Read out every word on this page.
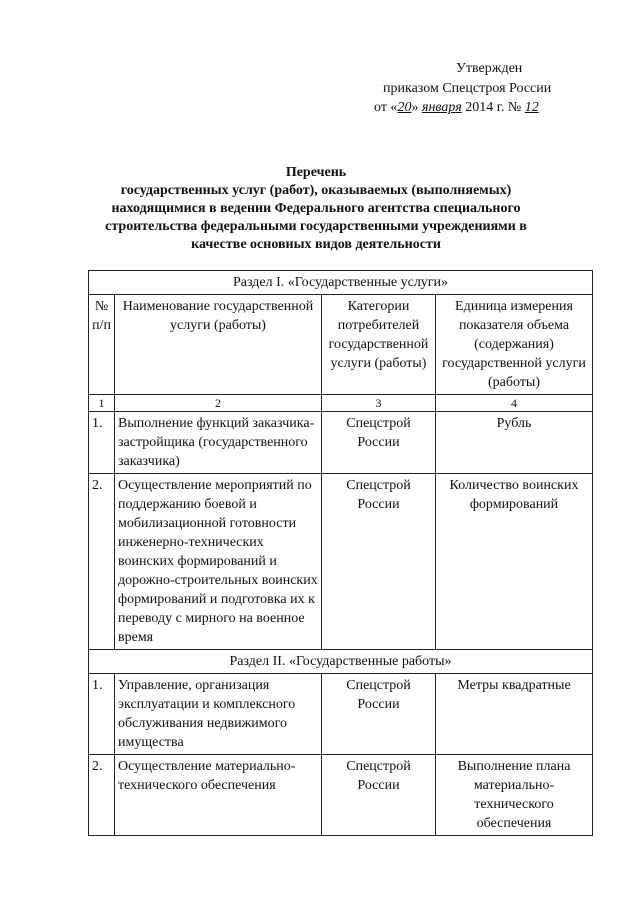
Утвержден
приказом Спецстроя России
от «20» января 2014 г. № 12
Перечень
государственных услуг (работ), оказываемых (выполняемых)
находящимися в ведении Федерального агентства специального
строительства федеральными государственными учреждениями в
качестве основных видов деятельности
Раздел I. «Государственные услуги»			
№ п/п	Наименование государственной услуги (работы)	Категории потребителей государственной услуги (работы)	Единица измерения показателя объема (содержания) государственной услуги (работы)
1	2	3	4
1.	Выполнение функций заказчика-застройщика (государственного заказчика)	Спецстрой России	Рубль
2.	Осуществление мероприятий по поддержанию боевой и мобилизационной готовности инженерно-технических воинских формирований и дорожно-строительных воинских формирований и подготовка их к переводу с мирного на военное время	Спецстрой России	Количество воинских формирований
Раздел II. «Государственные работы»			
1.	Управление, организация эксплуатации и комплексного обслуживания недвижимого имущества	Спецстрой России	Метры квадратные
2.	Осуществление материально-технического обеспечения	Спецстрой России	Выполнение плана материально-технического обеспечения
